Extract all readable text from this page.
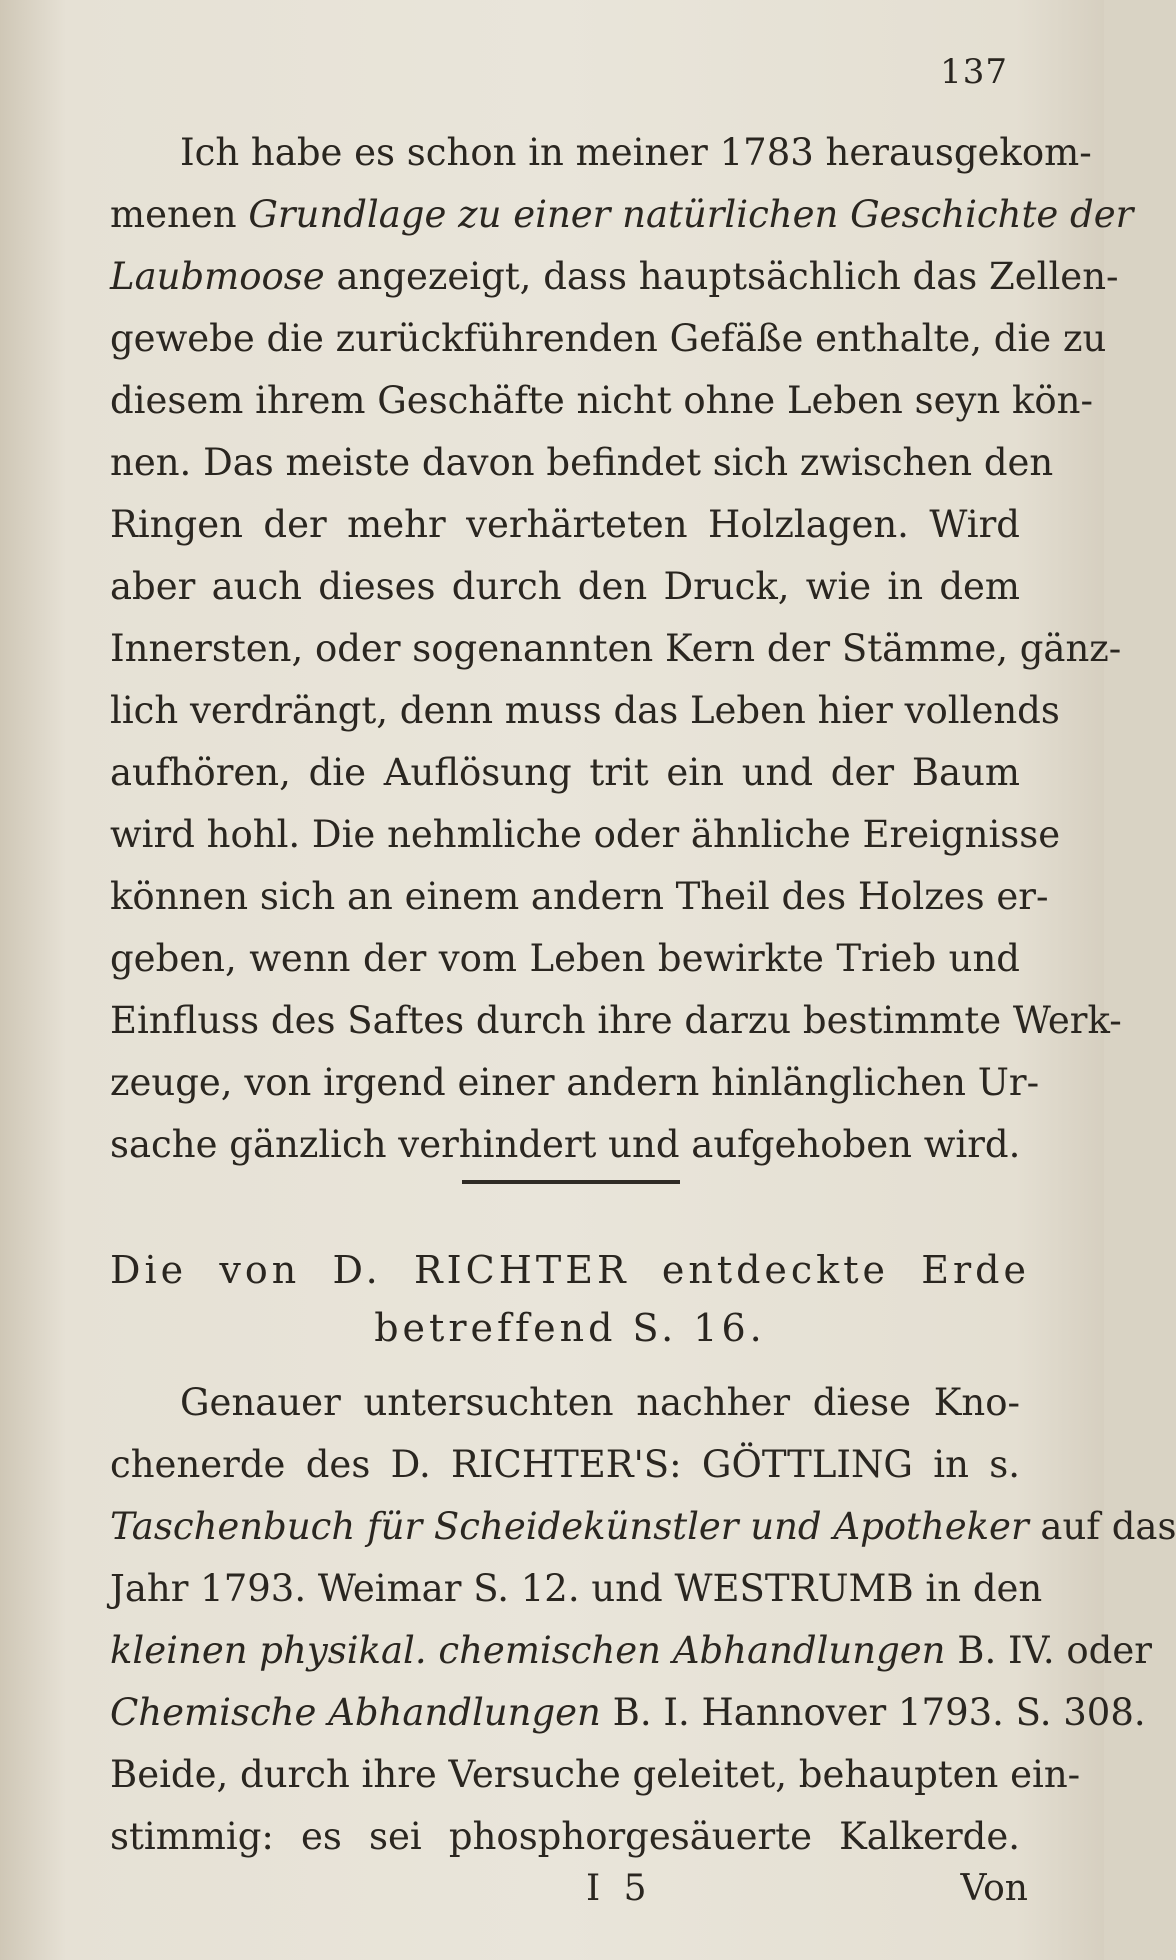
137
Ich habe es schon in meiner 1783 herausgekom-
menen Grundlage zu einer natürlichen Geschichte der
Laubmoose angezeigt, dass hauptsächlich das Zellen-
gewebe die zurückführenden Gefäße enthalte, die zu
diesem ihrem Geschäfte nicht ohne Leben seyn kön-
nen. Das meiste davon befindet sich zwischen den
Ringen der mehr verhärteten Holzlagen. Wird
aber auch dieses durch den Druck, wie in dem
Innersten, oder sogenannten Kern der Stämme, gänz-
lich verdrängt, denn muss das Leben hier vollends
aufhören, die Auflösung trit ein und der Baum
wird hohl. Die nehmliche oder ähnliche Ereignisse
können sich an einem andern Theil des Holzes er-
geben, wenn der vom Leben bewirkte Trieb und
Einfluss des Saftes durch ihre darzu bestimmte Werk-
zeuge, von irgend einer andern hinlänglichen Ur-
sache gänzlich verhindert und aufgehoben wird.
Die von D. RICHTER entdeckte Erde
betreffend S. 16.
Genauer untersuchten nachher diese Kno-
chenerde des D. RICHTER'S: GÖTTLING in s.
Taschenbuch für Scheidekünstler und Apotheker auf das
Jahr 1793. Weimar S. 12. und WESTRUMB in den
kleinen physikal. chemischen Abhandlungen B. IV. oder
Chemische Abhandlungen B. I. Hannover 1793. S. 308.
Beide, durch ihre Versuche geleitet, behaupten ein-
stimmig: es sei phosphorgesäuerte Kalkerde.
I 5	Von
